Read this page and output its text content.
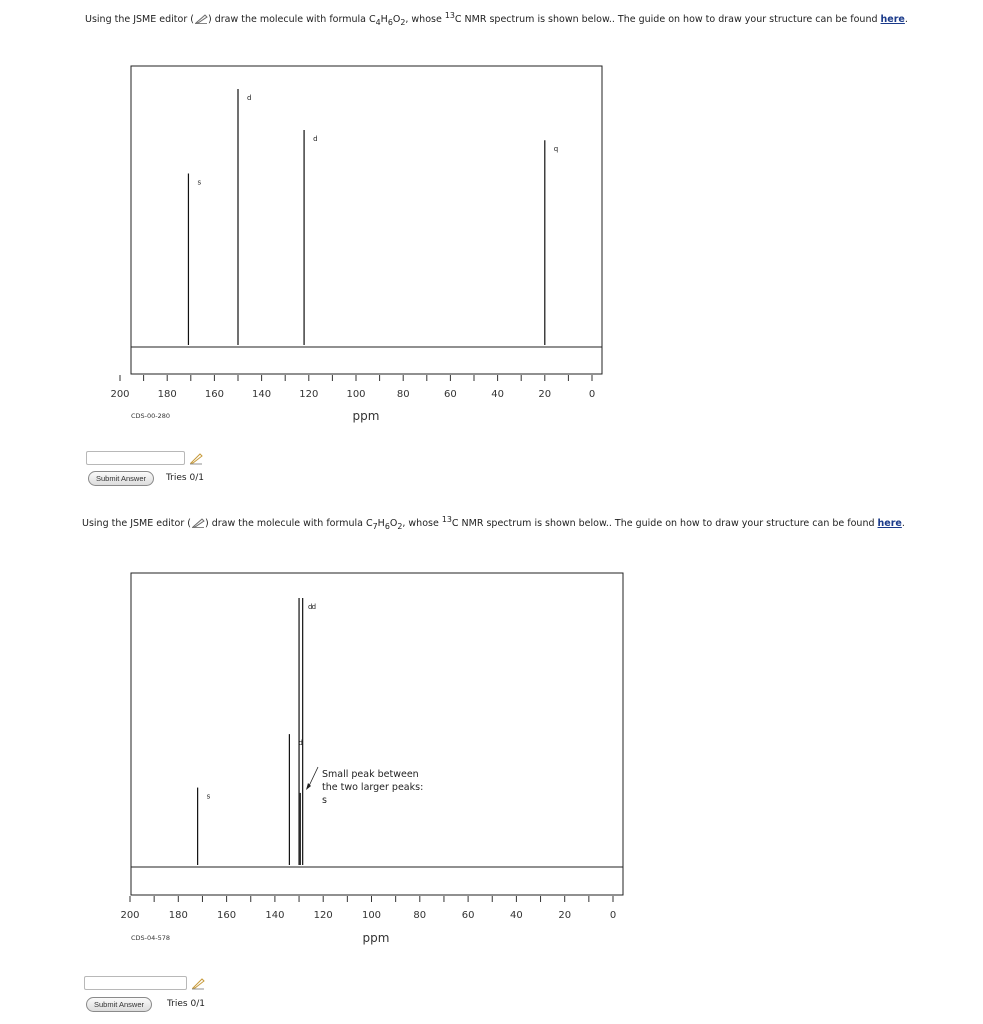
Using the JSME editor ( ) draw the molecule with formula $C_4H_6O_2$, whose $^{13}$C NMR spectrum is shown below.. The guide on how to draw your structure can be found here.
s
d
d
q
200	180	160	140	120	100	80	60	40	20	0
ppm
CDS-00-280
Submit Answer	Tries 0/1
Using the JSME editor ( ) draw the molecule with formula $C_7H_6O_2$, whose $^{13}$C NMR spectrum is shown below.. The guide on how to draw your structure can be found here.
s
d
d d
200	180	160	140	120	100	80	60	40	20	0
ppm
CDS-04-578
Small peak between
the two larger peaks:
s
Submit Answer	Tries 0/1
